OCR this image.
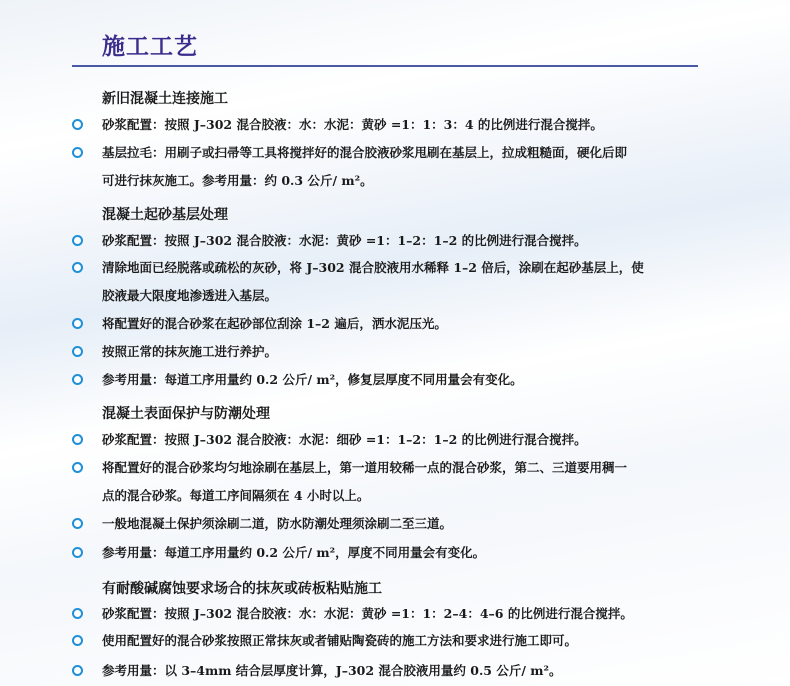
施工工艺
新旧混凝土连接施工
砂浆配置：按照 J–302 混合胶液：水：水泥：黄砂 =1：1：3：4 的比例进行混合搅拌。
基层拉毛：用刷子或扫帚等工具将搅拌好的混合胶液砂浆甩刷在基层上，拉成粗糙面，硬化后即
可进行抹灰施工。参考用量：约 0.3 公斤/ m²。
混凝土起砂基层处理
砂浆配置：按照 J–302 混合胶液：水泥：黄砂 =1：1–2：1–2 的比例进行混合搅拌。
清除地面已经脱落或疏松的灰砂，将 J–302 混合胶液用水稀释 1–2 倍后，涂刷在起砂基层上，使
胶液最大限度地渗透进入基层。
将配置好的混合砂浆在起砂部位刮涂 1–2 遍后，洒水泥压光。
按照正常的抹灰施工进行养护。
参考用量：每道工序用量约 0.2 公斤/ m²，修复层厚度不同用量会有变化。
混凝土表面保护与防潮处理
砂浆配置：按照 J–302 混合胶液：水泥：细砂 =1：1–2：1–2 的比例进行混合搅拌。
将配置好的混合砂浆均匀地涂刷在基层上，第一道用较稀一点的混合砂浆，第二、三道要用稠一
点的混合砂浆。每道工序间隔须在 4 小时以上。
一般地混凝土保护须涂刷二道，防水防潮处理须涂刷二至三道。
参考用量：每道工序用量约 0.2 公斤/ m²，厚度不同用量会有变化。
有耐酸碱腐蚀要求场合的抹灰或砖板粘贴施工
砂浆配置：按照 J–302 混合胶液：水：水泥：黄砂 =1：1：2–4：4–6 的比例进行混合搅拌。
使用配置好的混合砂浆按照正常抹灰或者铺贴陶瓷砖的施工方法和要求进行施工即可。
参考用量：以 3–4mm 结合层厚度计算，J–302 混合胶液用量约 0.5 公斤/ m²。
